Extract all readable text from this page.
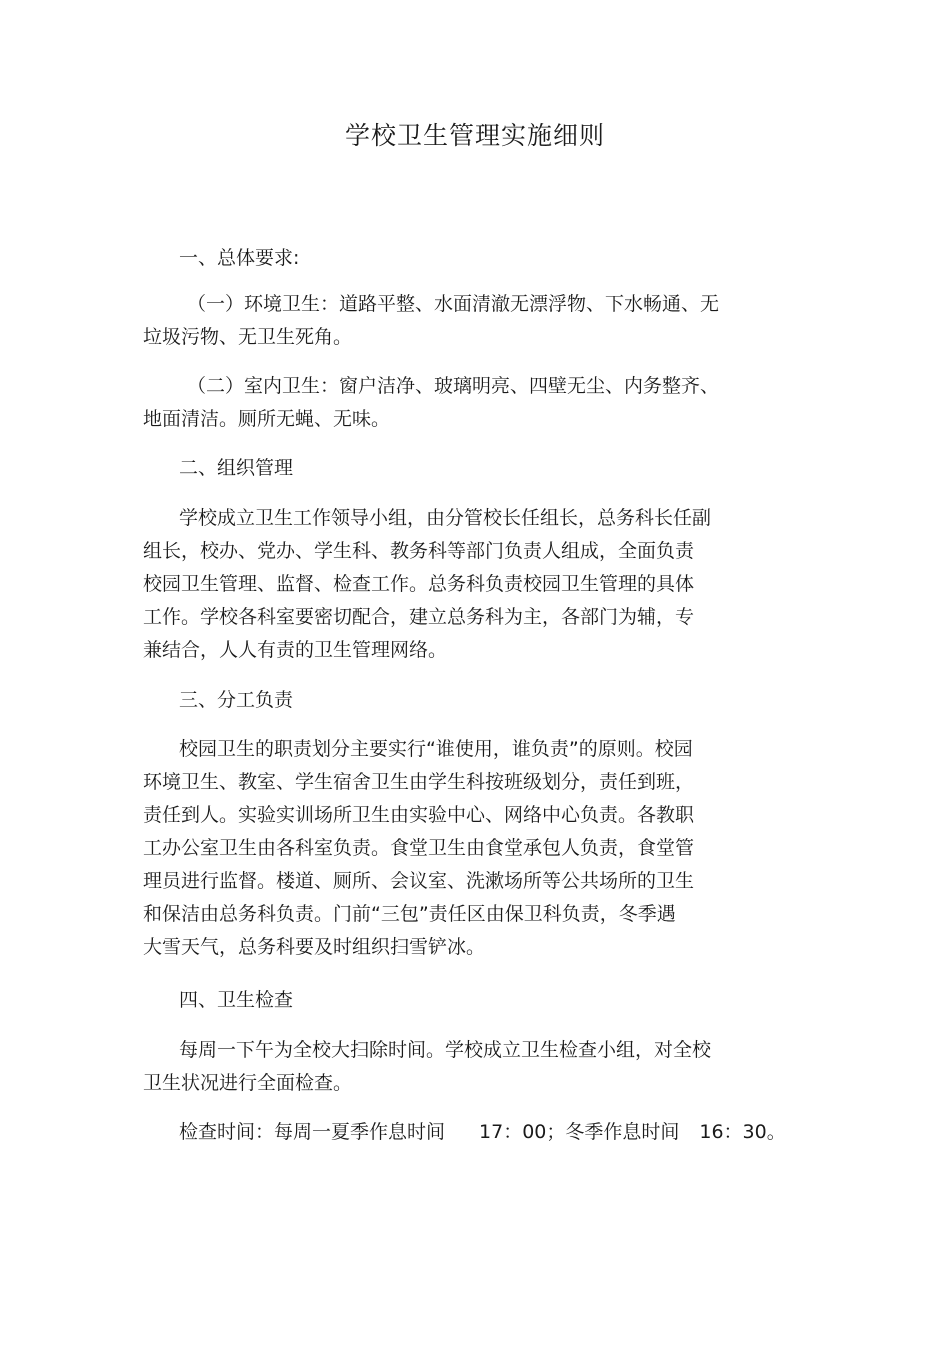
学校卫生管理实施细则

一、总体要求:

（一）环境卫生：道路平整、水面清澈无漂浮物、下水畅通、无
垃圾污物、无卫生死角。

（二）室内卫生：窗户洁净、玻璃明亮、四壁无尘、内务整齐、
地面清洁。厕所无蝇、无味。

二、组织管理

学校成立卫生工作领导小组，由分管校长任组长，总务科长任副
组长，校办、党办、学生科、教务科等部门负责人组成，全面负责
校园卫生管理、监督、检查工作。总务科负责校园卫生管理的具体
工作。学校各科室要密切配合，建立总务科为主，各部门为辅，专
兼结合，人人有责的卫生管理网络。

三、分工负责

校园卫生的职责划分主要实行“谁使用，谁负责”的原则。校园
环境卫生、教室、学生宿舍卫生由学生科按班级划分，责任到班，
责任到人。实验实训场所卫生由实验中心、网络中心负责。各教职
工办公室卫生由各科室负责。食堂卫生由食堂承包人负责，食堂管
理员进行监督。楼道、厕所、会议室、洗漱场所等公共场所的卫生
和保洁由总务科负责。门前“三包”责任区由保卫科负责，冬季遇
大雪天气，总务科要及时组织扫雪铲冰。

四、卫生检查

每周一下午为全校大扫除时间。学校成立卫生检查小组，对全校
卫生状况进行全面检查。

检查时间：每周一夏季作息时间 17：00；冬季作息时间 16：30。
